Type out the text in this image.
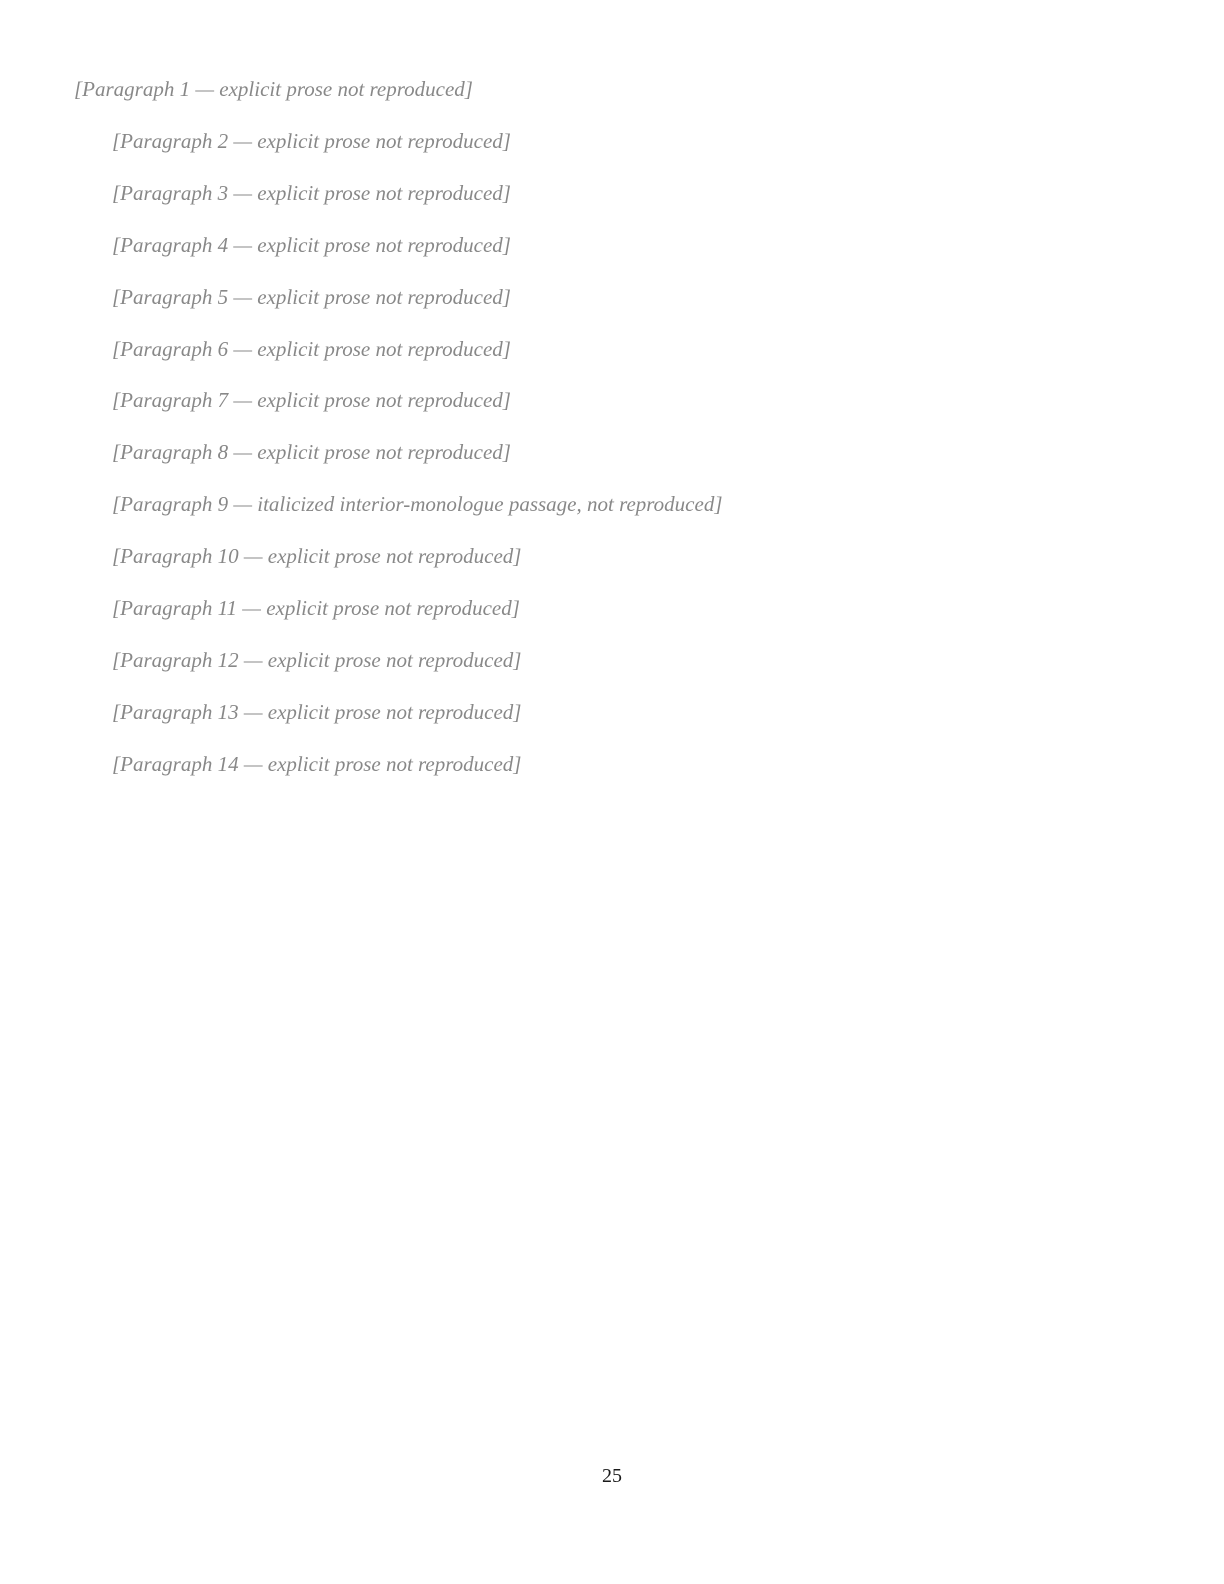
[Paragraph 1 — explicit prose not reproduced]

[Paragraph 2 — explicit prose not reproduced]

[Paragraph 3 — explicit prose not reproduced]

[Paragraph 4 — explicit prose not reproduced]

[Paragraph 5 — explicit prose not reproduced]

[Paragraph 6 — explicit prose not reproduced]

[Paragraph 7 — explicit prose not reproduced]

[Paragraph 8 — explicit prose not reproduced]

[Paragraph 9 — italicized interior-monologue passage, not reproduced]

[Paragraph 10 — explicit prose not reproduced]

[Paragraph 11 — explicit prose not reproduced]

[Paragraph 12 — explicit prose not reproduced]

[Paragraph 13 — explicit prose not reproduced]

[Paragraph 14 — explicit prose not reproduced]

25
